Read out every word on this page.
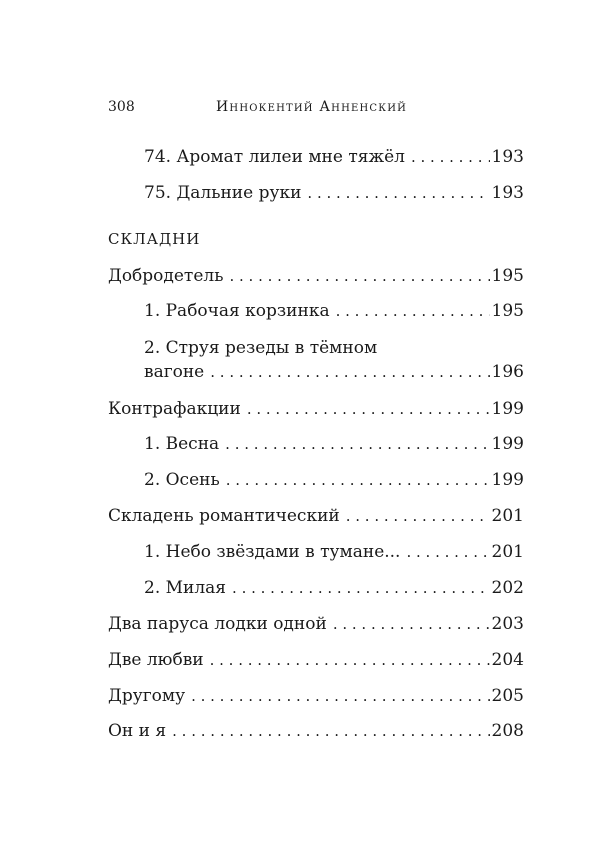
308	Иннокентий Анненский
74. Аромат лилеи мне тяжёл . . .	193
75. Дальние руки . . .	193
СКЛАДНИ
Добродетель . . .	195
1. Рабочая корзинка . . .	195
2. Струя резеды в тёмном
вагоне . . .	196
Контрафакции . . .	199
1. Весна . . .	199
2. Осень . . .	199
Складень романтический . . .	201
1. Небо звёздами в тумане... . . .	201
2. Милая . . .	202
Два паруса лодки одной . . .	203
Две любви . . .	204
Другому . . .	205
Он и я . . .	208
